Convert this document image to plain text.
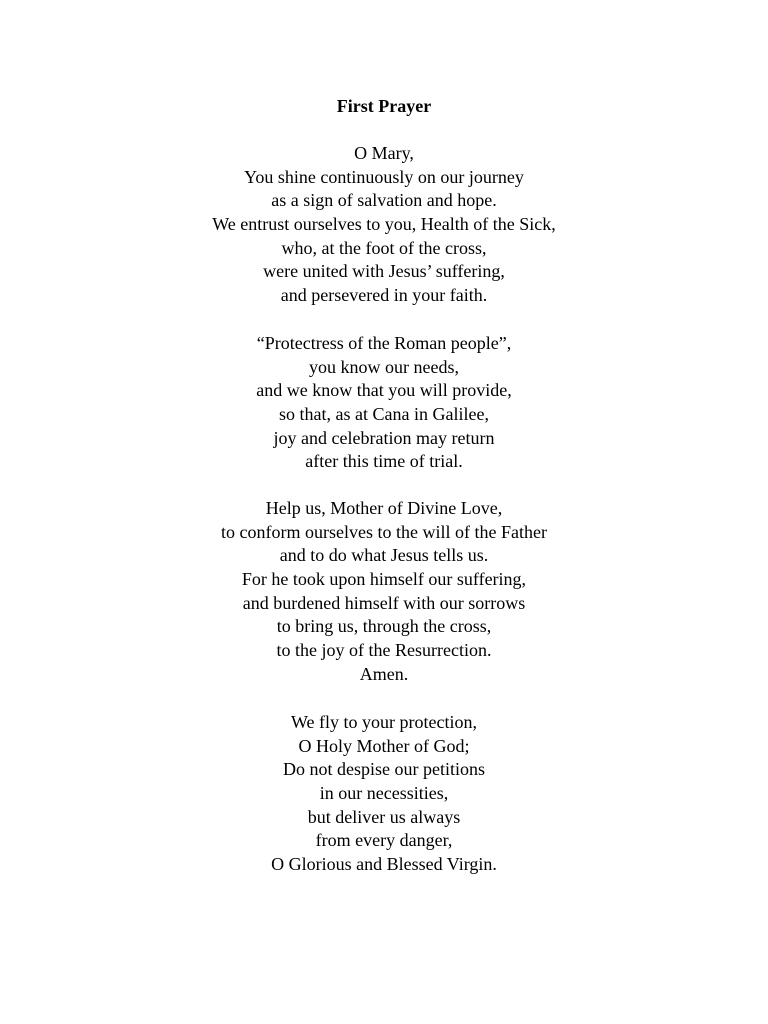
First Prayer
O Mary,
You shine continuously on our journey
as a sign of salvation and hope.
We entrust ourselves to you, Health of the Sick,
who, at the foot of the cross,
were united with Jesus’ suffering,
and persevered in your faith.
“Protectress of the Roman people”,
you know our needs,
and we know that you will provide,
so that, as at Cana in Galilee,
joy and celebration may return
after this time of trial.
Help us, Mother of Divine Love,
to conform ourselves to the will of the Father
and to do what Jesus tells us.
For he took upon himself our suffering,
and burdened himself with our sorrows
to bring us, through the cross,
to the joy of the Resurrection.
Amen.
We fly to your protection,
O Holy Mother of God;
Do not despise our petitions
in our necessities,
but deliver us always
from every danger,
O Glorious and Blessed Virgin.
